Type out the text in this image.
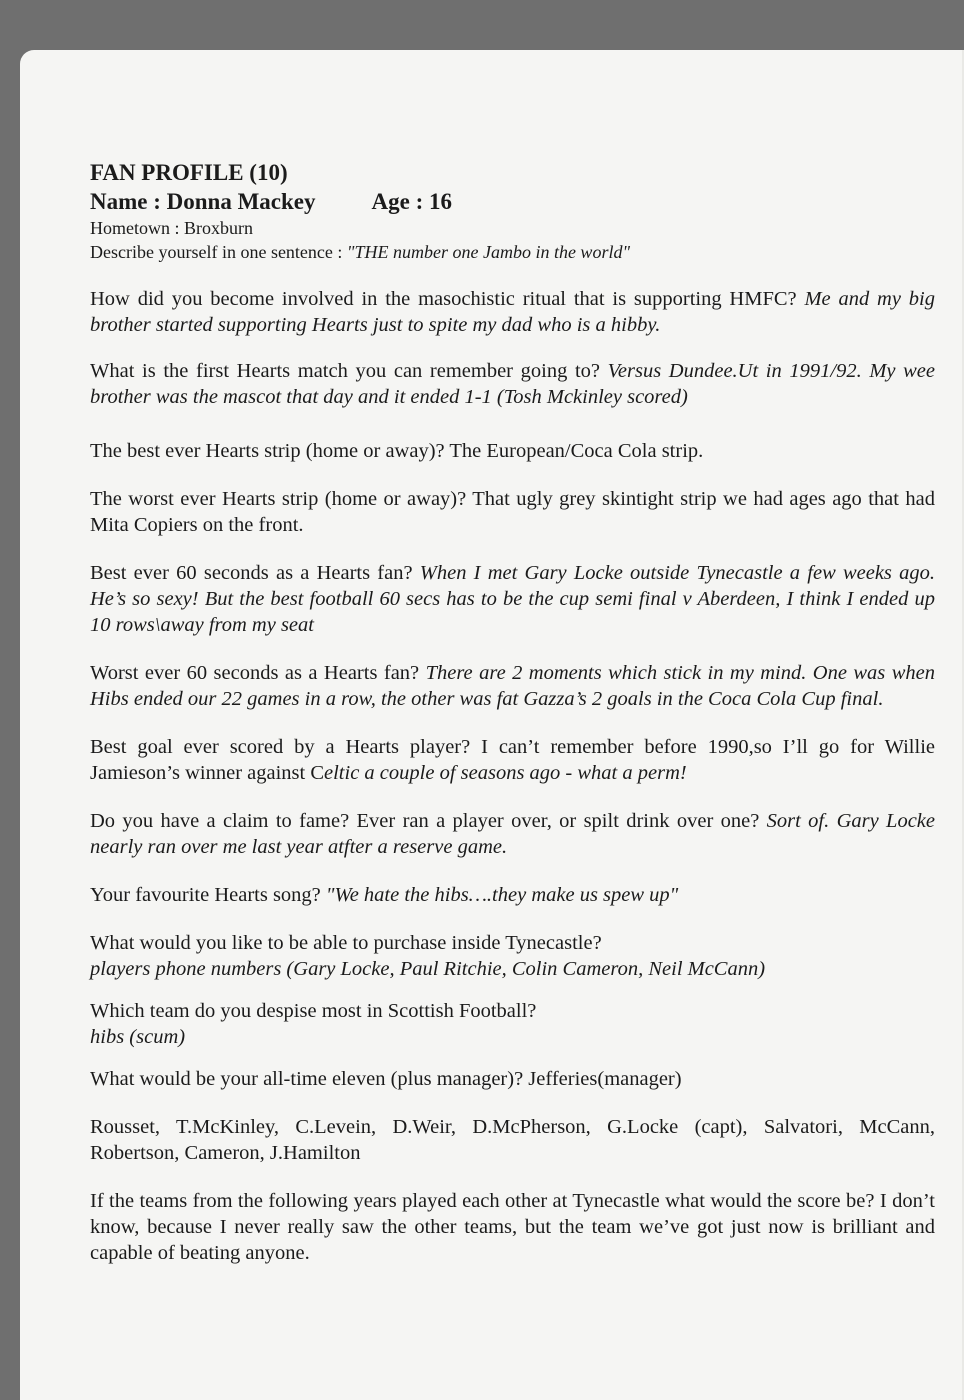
FAN PROFILE (10)
Name : Donna Mackey Age : 16
Hometown : Broxburn
Describe yourself in one sentence : "THE number one Jambo in the world"
How did you become involved in the masochistic ritual that is supporting HMFC? Me and my big brother started supporting Hearts just to spite my dad who is a hibby.
What is the first Hearts match you can remember going to? Versus Dundee.Ut in 1991/92. My wee brother was the mascot that day and it ended 1-1 (Tosh Mckinley scored)
The best ever Hearts strip (home or away)? The European/Coca Cola strip.
The worst ever Hearts strip (home or away)? That ugly grey skintight strip we had ages ago that had Mita Copiers on the front.
Best ever 60 seconds as a Hearts fan? When I met Gary Locke outside Tynecastle a few weeks ago. He’s so sexy! But the best football 60 secs has to be the cup semi final v Aberdeen, I think I ended up 10 rows\away from my seat
Worst ever 60 seconds as a Hearts fan? There are 2 moments which stick in my mind. One was when Hibs ended our 22 games in a row, the other was fat Gazza’s 2 goals in the Coca Cola Cup final.
Best goal ever scored by a Hearts player? I can’t remember before 1990,so I’ll go for Willie Jamieson’s winner against Celtic a couple of seasons ago - what a perm!
Do you have a claim to fame? Ever ran a player over, or spilt drink over one? Sort of. Gary Locke nearly ran over me last year atfter a reserve game.
Your favourite Hearts song? "We hate the hibs….they make us spew up"
What would you like to be able to purchase inside Tynecastle?
players phone numbers (Gary Locke, Paul Ritchie, Colin Cameron, Neil McCann)
Which team do you despise most in Scottish Football?
hibs (scum)
What would be your all-time eleven (plus manager)? Jefferies(manager)
Rousset, T.McKinley, C.Levein, D.Weir, D.McPherson, G.Locke (capt), Salvatori, McCann, Robertson, Cameron, J.Hamilton
If the teams from the following years played each other at Tynecastle what would the score be? I don’t know, because I never really saw the other teams, but the team we’ve got just now is brilliant and capable of beating anyone.
